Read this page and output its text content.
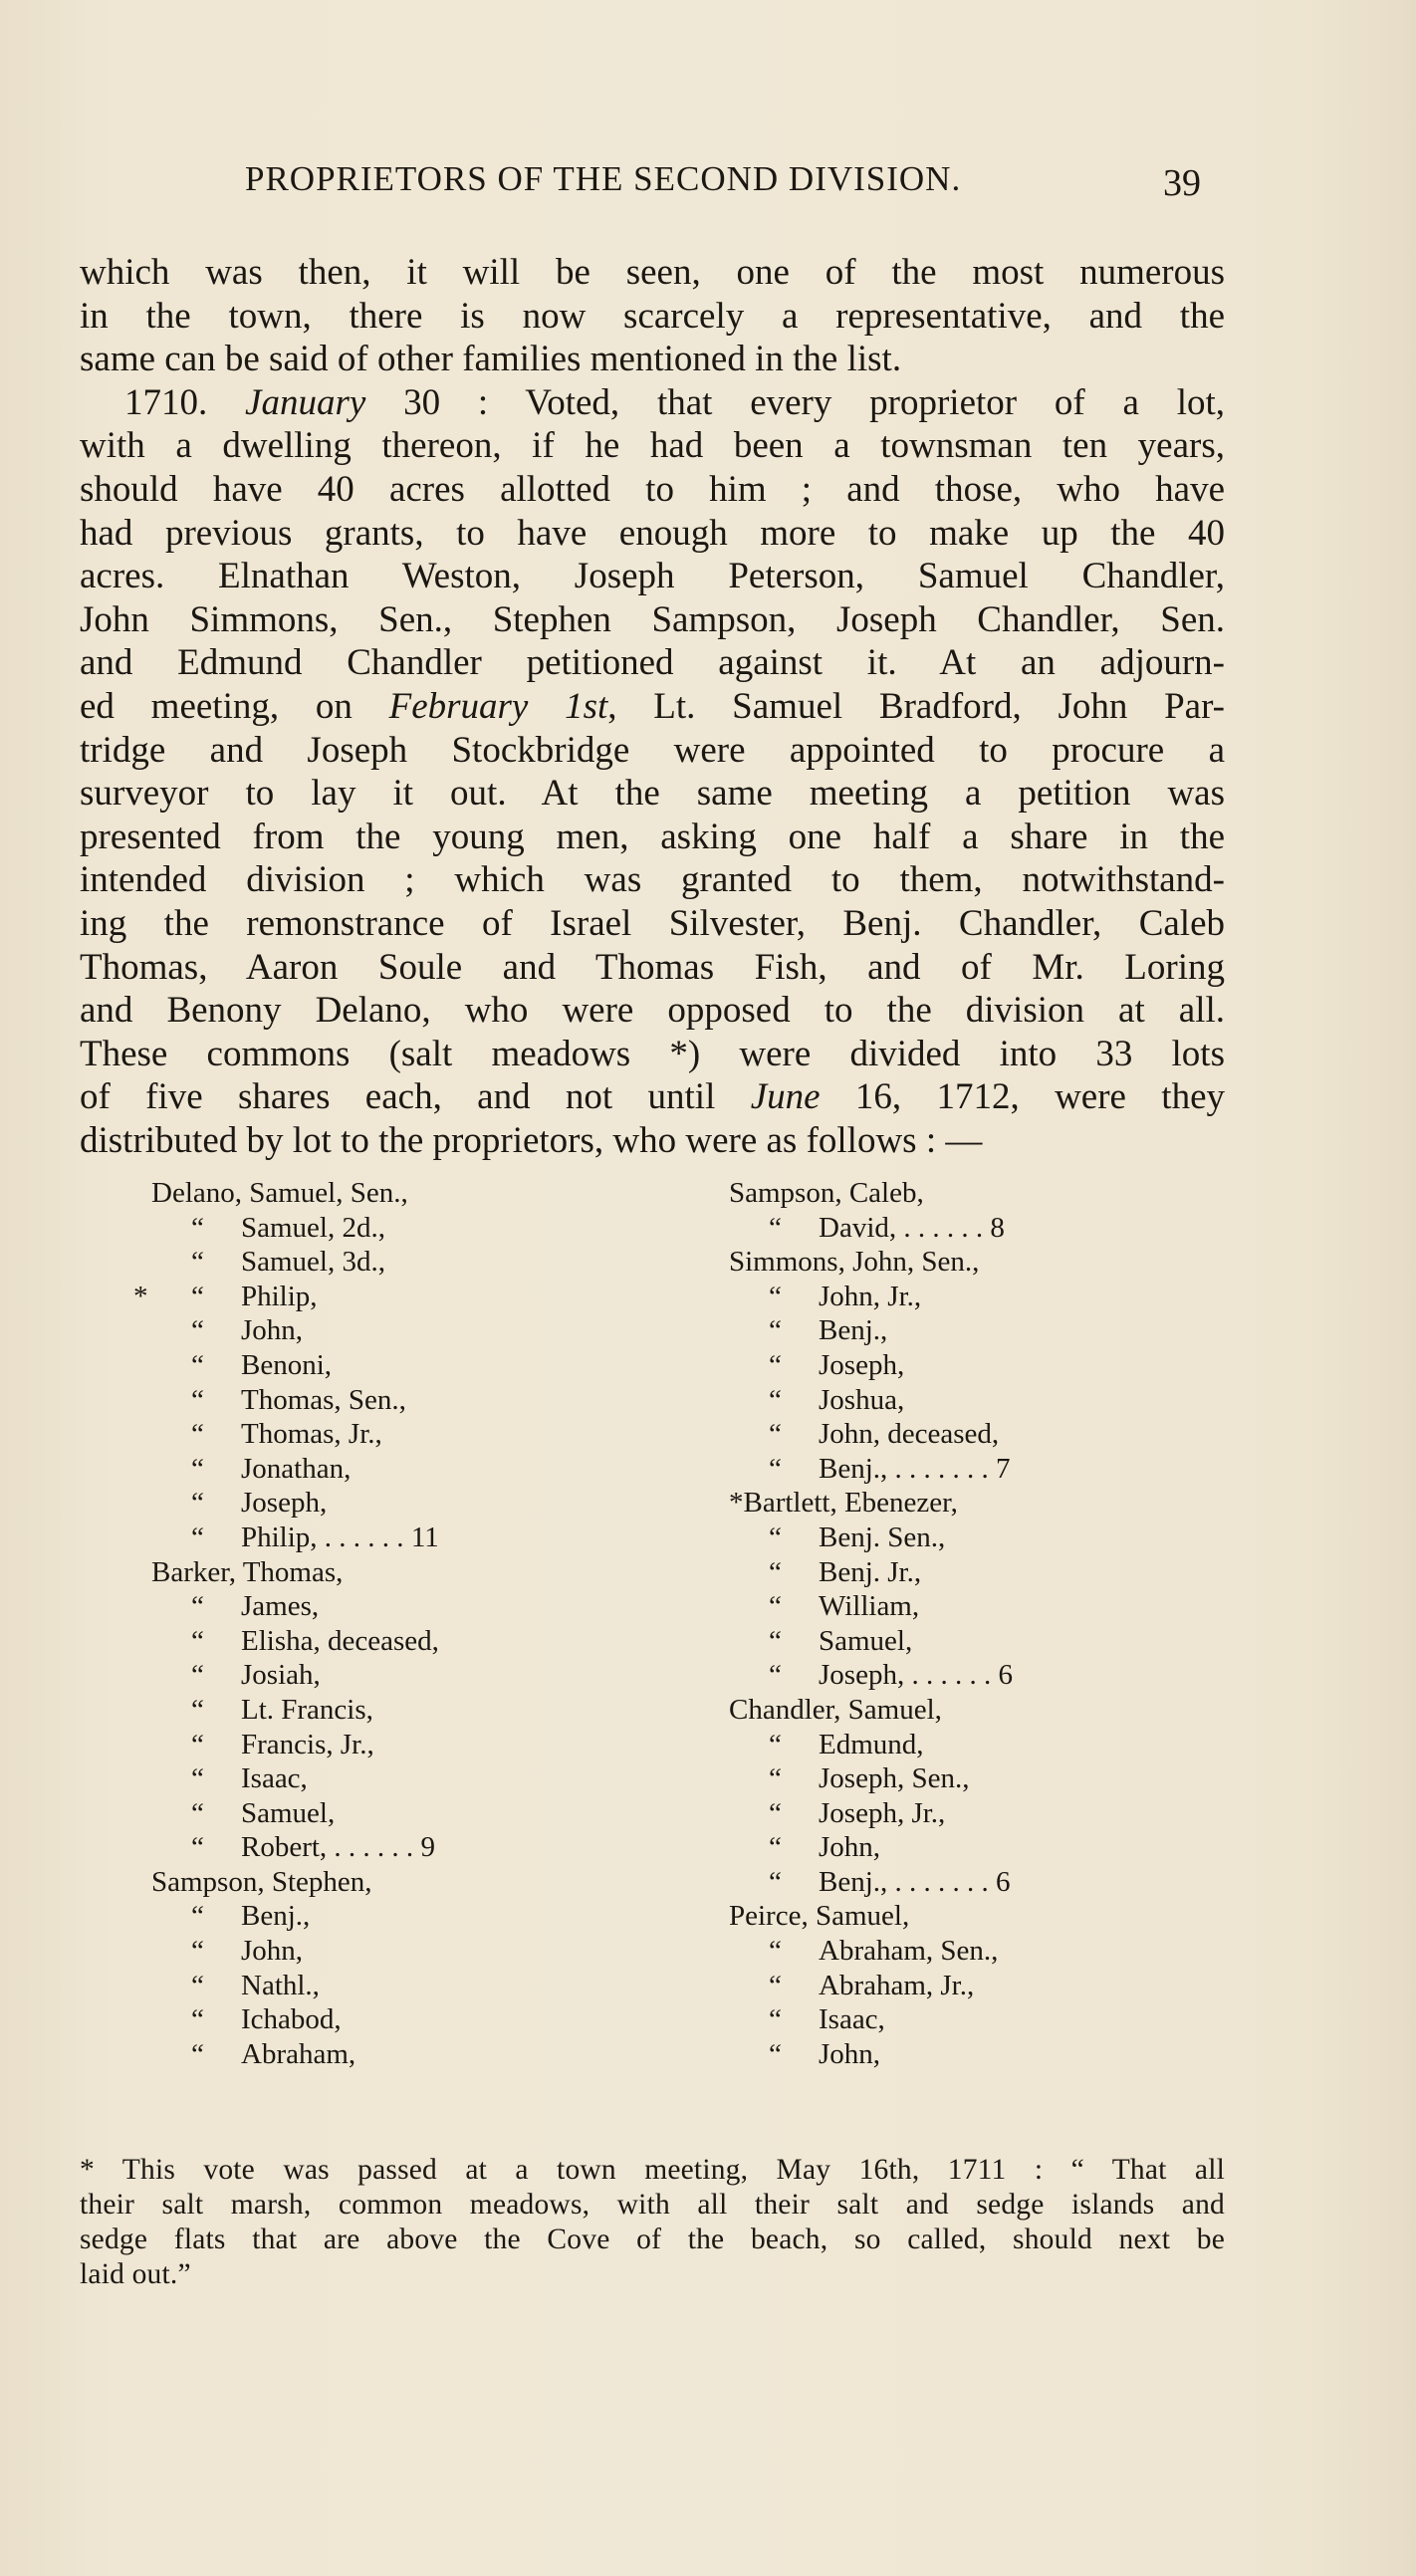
PROPRIETORS OF THE SECOND DIVISION.	39
which was then, it will be seen, one of the most numerous
in the town, there is now scarcely a representative, and the
same can be said of other families mentioned in the list.
1710. January 30 : Voted, that every proprietor of a lot,
with a dwelling thereon, if he had been a townsman ten years,
should have 40 acres allotted to him ; and those, who have
had previous grants, to have enough more to make up the 40
acres. Elnathan Weston, Joseph Peterson, Samuel Chandler,
John Simmons, Sen., Stephen Sampson, Joseph Chandler, Sen.
and Edmund Chandler petitioned against it. At an adjourn-
ed meeting, on February 1st, Lt. Samuel Bradford, John Par-
tridge and Joseph Stockbridge were appointed to procure a
surveyor to lay it out. At the same meeting a petition was
presented from the young men, asking one half a share in the
intended division ; which was granted to them, notwithstand-
ing the remonstrance of Israel Silvester, Benj. Chandler, Caleb
Thomas, Aaron Soule and Thomas Fish, and of Mr. Loring
and Benony Delano, who were opposed to the division at all.
These commons (salt meadows *) were divided into 33 lots
of five shares each, and not until June 16, 1712, were they
distributed by lot to the proprietors, who were as follows : —
Delano, Samuel, Sen.,
“ Samuel, 2d.,
“ Samuel, 3d.,
* “ Philip,
“ John,
“ Benoni,
“ Thomas, Sen.,
“ Thomas, Jr.,
“ Jonathan,
“ Joseph,
“ Philip, . . . . . . 11
Barker, Thomas,
“ James,
“ Elisha, deceased,
“ Josiah,
“ Lt. Francis,
“ Francis, Jr.,
“ Isaac,
“ Samuel,
“ Robert, . . . . . . 9
Sampson, Stephen,
“ Benj.,
“ John,
“ Nathl.,
“ Ichabod,
“ Abraham,
Sampson, Caleb,
“ David, . . . . . . 8
Simmons, John, Sen.,
“ John, Jr.,
“ Benj.,
“ Joseph,
“ Joshua,
“ John, deceased,
“ Benj., . . . . . . . 7
*Bartlett, Ebenezer,
“ Benj. Sen.,
“ Benj. Jr.,
“ William,
“ Samuel,
“ Joseph, . . . . . . 6
Chandler, Samuel,
“ Edmund,
“ Joseph, Sen.,
“ Joseph, Jr.,
“ John,
“ Benj., . . . . . . . 6
Peirce, Samuel,
“ Abraham, Sen.,
“ Abraham, Jr.,
“ Isaac,
“ John,
* This vote was passed at a town meeting, May 16th, 1711 : “ That all
their salt marsh, common meadows, with all their salt and sedge islands and
sedge flats that are above the Cove of the beach, so called, should next be
laid out.”
